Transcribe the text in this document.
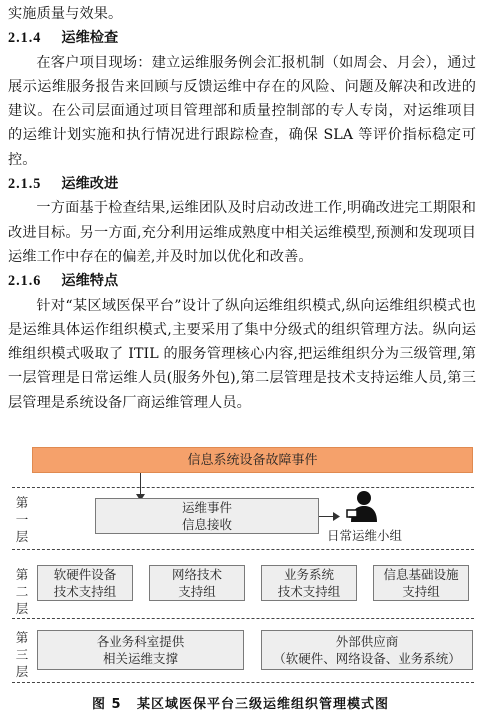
实施质量与效果。

2.1.4 运维检查

在客户项目现场：建立运维服务例会汇报机制（如周会、月会），通过展示运维服务报告来回顾与反馈运维中存在的风险、问题及解决和改进的建议。在公司层面通过项目管理部和质量控制部的专人专岗，对运维项目的运维计划实施和执行情况进行跟踪检查，确保 SLA 等评价指标稳定可控。

2.1.5 运维改进

一方面基于检查结果,运维团队及时启动改进工作,明确改进完工期限和改进目标。另一方面,充分利用运维成熟度中相关运维模型,预测和发现项目运维工作中存在的偏差,并及时加以优化和改善。

2.1.6 运维特点

针对“某区域医保平台”设计了纵向运维组织模式,纵向运维组织模式也是运维具体运作组织模式,主要采用了集中分级式的组织管理方法。纵向运维组织模式吸取了 ITIL 的服务管理核心内容,把运维组织分为三级管理,第一层管理是日常运维人员(服务外包),第二层管理是技术支持运维人员,第三层管理是系统设备厂商运维管理人员。

信息系统设备故障事件
第
一
层
第
二
层
第
三
层
运维事件
信息接收
日常运维小组
软硬件设备
技术支持组
网络技术
支持组
业务系统
技术支持组
信息基础设施
支持组
各业务科室提供
相关运维支撑
外部供应商
（软硬件、网络设备、业务系统）
图 5 某区域医保平台三级运维组织管理模式图
